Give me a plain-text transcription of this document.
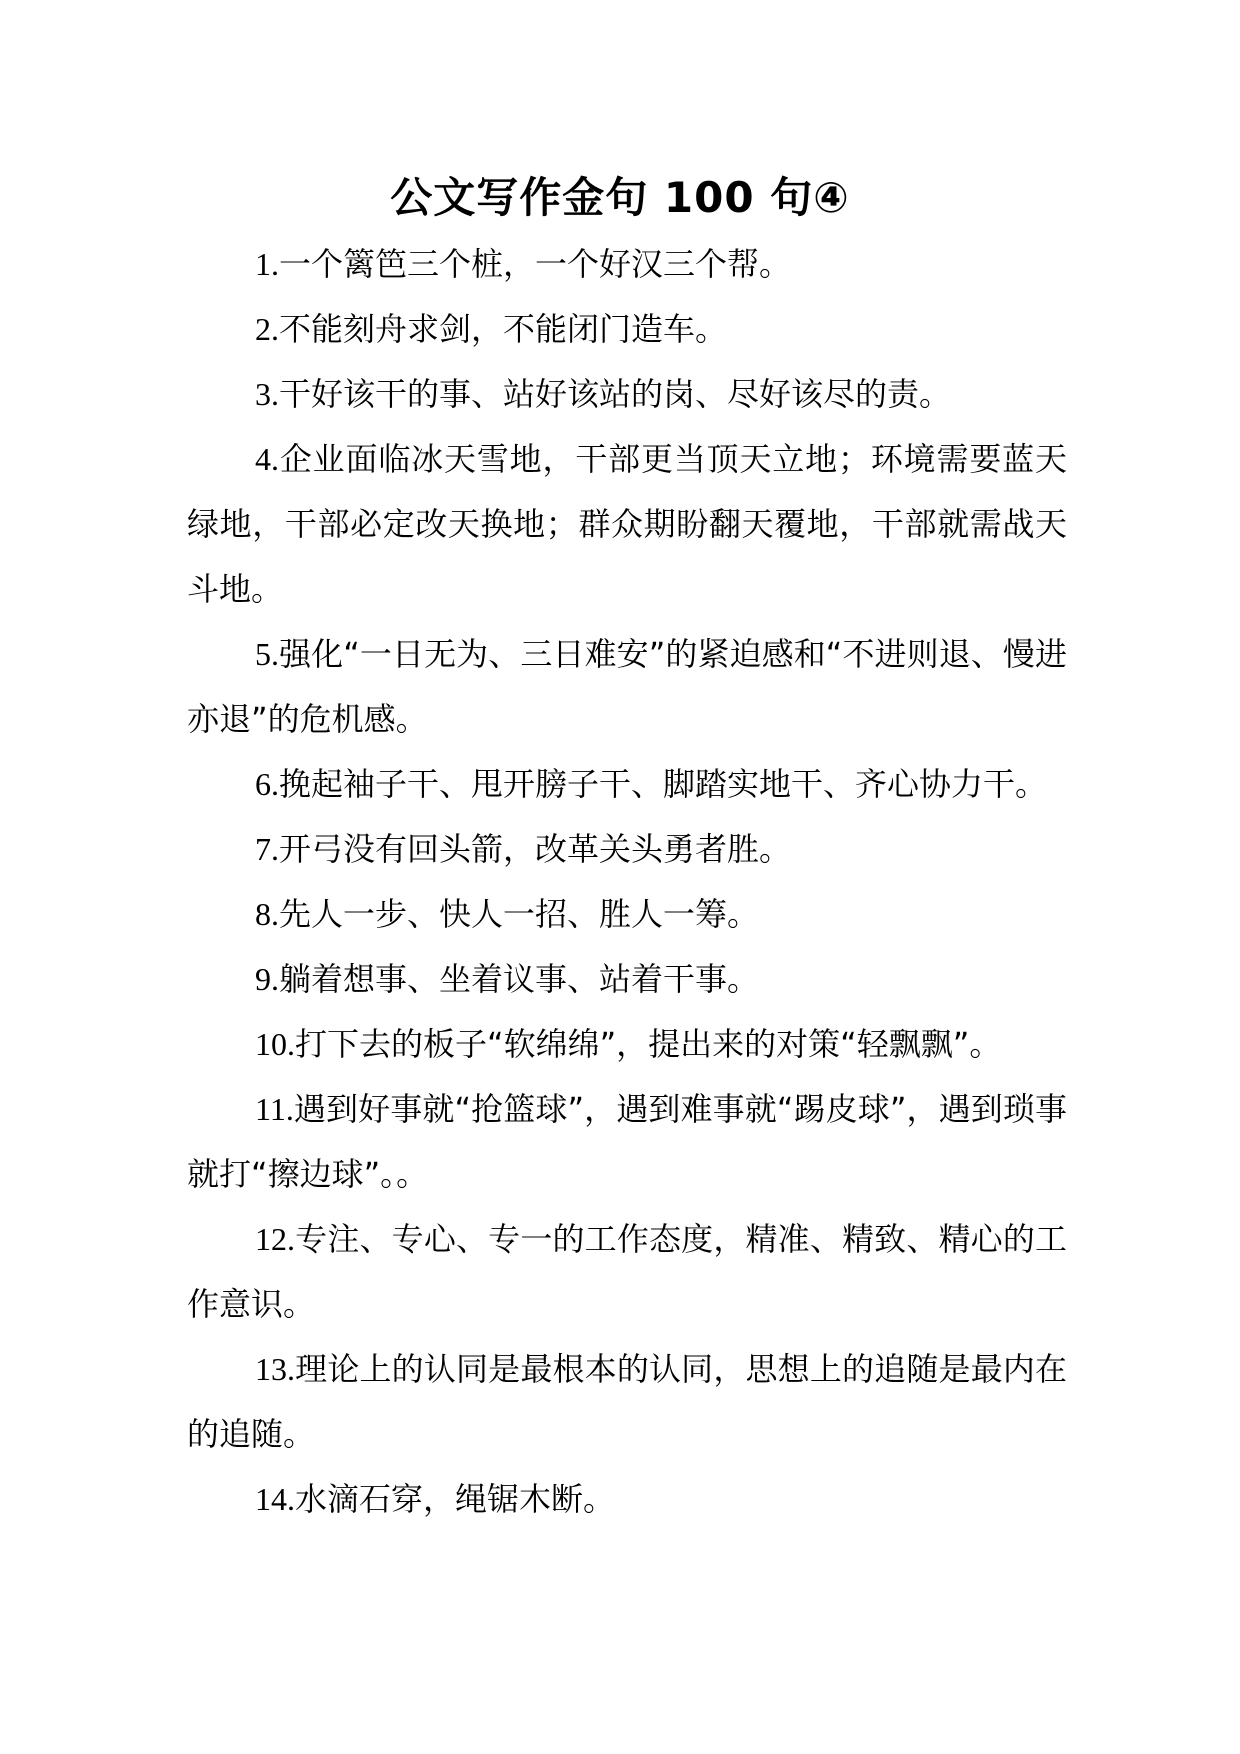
公文写作金句 100 句④

1.一个篱笆三个桩，一个好汉三个帮。

2.不能刻舟求剑，不能闭门造车。

3.干好该干的事、站好该站的岗、尽好该尽的责。

4.企业面临冰天雪地，干部更当顶天立地；环境需要蓝天绿地，干部必定改天换地；群众期盼翻天覆地，干部就需战天斗地。

5.强化“一日无为、三日难安”的紧迫感和“不进则退、慢进亦退”的危机感。

6.挽起袖子干、甩开膀子干、脚踏实地干、齐心协力干。

7.开弓没有回头箭，改革关头勇者胜。

8.先人一步、快人一招、胜人一筹。

9.躺着想事、坐着议事、站着干事。

10.打下去的板子“软绵绵”，提出来的对策“轻飘飘”。

11.遇到好事就“抢篮球”，遇到难事就“踢皮球”，遇到琐事就打“擦边球”。。

12.专注、专心、专一的工作态度，精准、精致、精心的工作意识。

13.理论上的认同是最根本的认同，思想上的追随是最内在的追随。

14.水滴石穿，绳锯木断。
